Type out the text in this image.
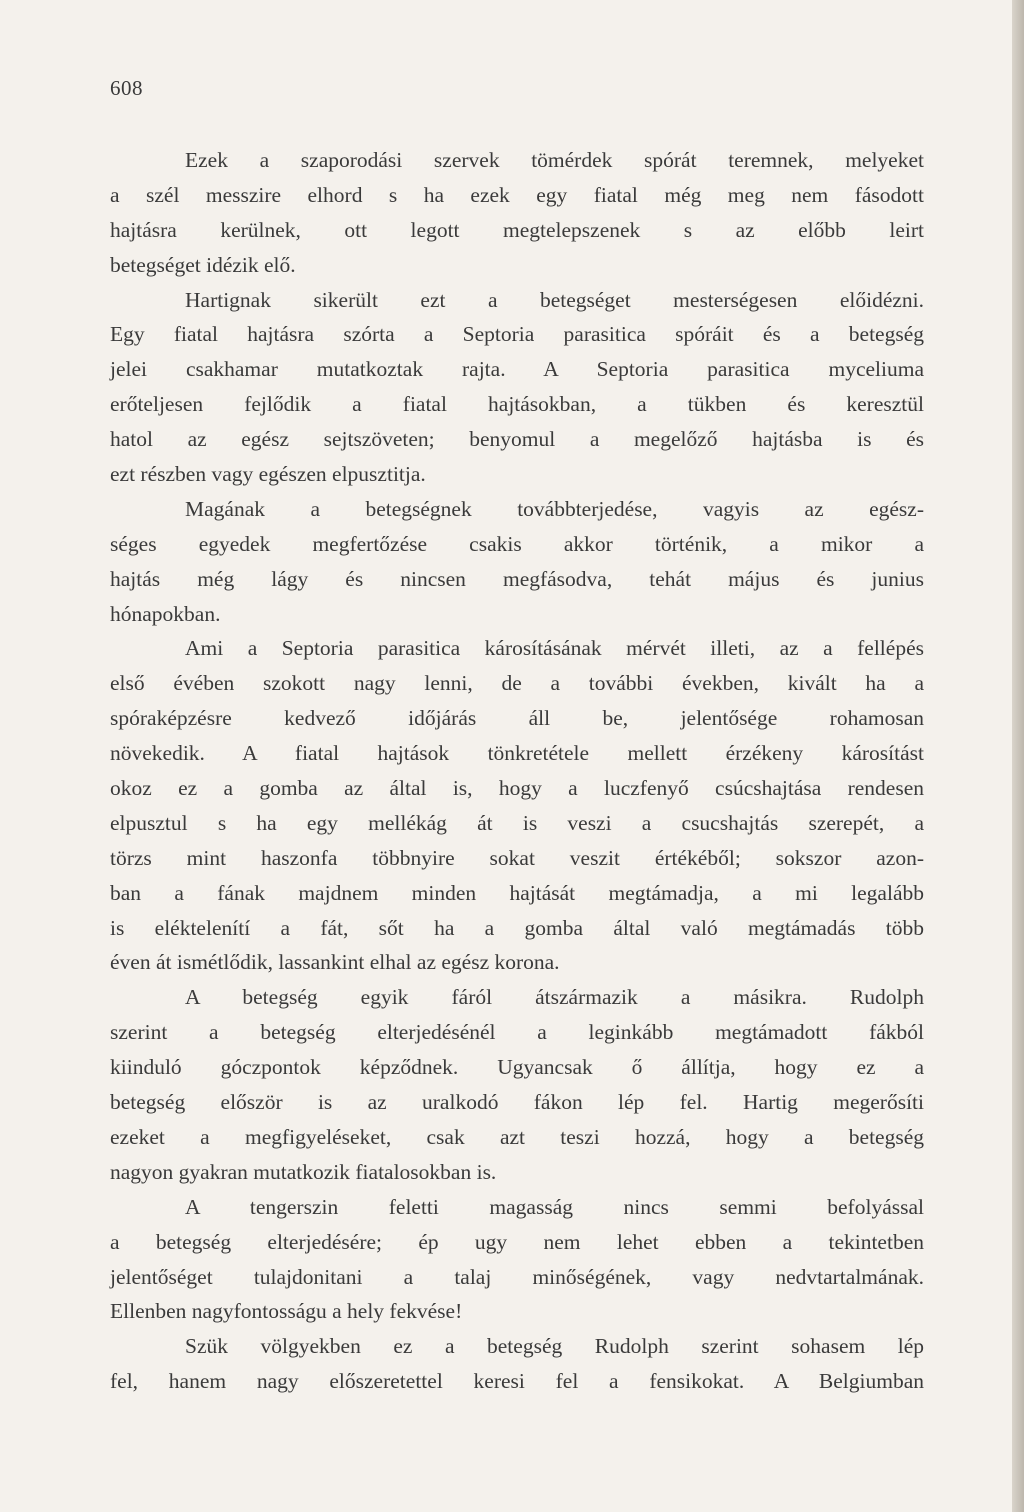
608
Ezek a szaporodási szervek tömérdek spórát teremnek, melyeket
a szél messzire elhord s ha ezek egy fiatal még meg nem fásodott
hajtásra kerülnek, ott legott megtelepszenek s az előbb leirt
betegséget idézik elő.
Hartignak sikerült ezt a betegséget mesterségesen előidézni.
Egy fiatal hajtásra szórta a Septoria parasitica spóráit és a betegség
jelei csakhamar mutatkoztak rajta. A Septoria parasitica myceliuma
erőteljesen fejlődik a fiatal hajtásokban, a tükben és keresztül
hatol az egész sejtszöveten; benyomul a megelőző hajtásba is és
ezt részben vagy egészen elpusztitja.
Magának a betegségnek továbbterjedése, vagyis az egész-
séges egyedek megfertőzése csakis akkor történik, a mikor a
hajtás még lágy és nincsen megfásodva, tehát május és junius
hónapokban.
Ami a Septoria parasitica károsításának mérvét illeti, az a fellépés
első évében szokott nagy lenni, de a további években, kivált ha a
spóraképzésre kedvező időjárás áll be, jelentősége rohamosan
növekedik. A fiatal hajtások tönkretétele mellett érzékeny károsítást
okoz ez a gomba az által is, hogy a luczfenyő csúcshajtása rendesen
elpusztul s ha egy mellékág át is veszi a csucshajtás szerepét, a
törzs mint haszonfa többnyire sokat veszit értékéből; sokszor azon-
ban a fának majdnem minden hajtását megtámadja, a mi legalább
is eléktelenítí a fát, sőt ha a gomba által való megtámadás több
éven át ismétlődik, lassankint elhal az egész korona.
A betegség egyik fáról átszármazik a másikra. Rudolph
szerint a betegség elterjedésénél a leginkább megtámadott fákból
kiinduló góczpontok képződnek. Ugyancsak ő állítja, hogy ez a
betegség először is az uralkodó fákon lép fel. Hartig megerősíti
ezeket a megfigyeléseket, csak azt teszi hozzá, hogy a betegség
nagyon gyakran mutatkozik fiatalosokban is.
A tengerszin feletti magasság nincs semmi befolyással
a betegség elterjedésére; ép ugy nem lehet ebben a tekintetben
jelentőséget tulajdonitani a talaj minőségének, vagy nedvtartalmának.
Ellenben nagyfontosságu a hely fekvése!
Szük völgyekben ez a betegség Rudolph szerint sohasem lép
fel, hanem nagy előszeretettel keresi fel a fensikokat. A Belgiumban
